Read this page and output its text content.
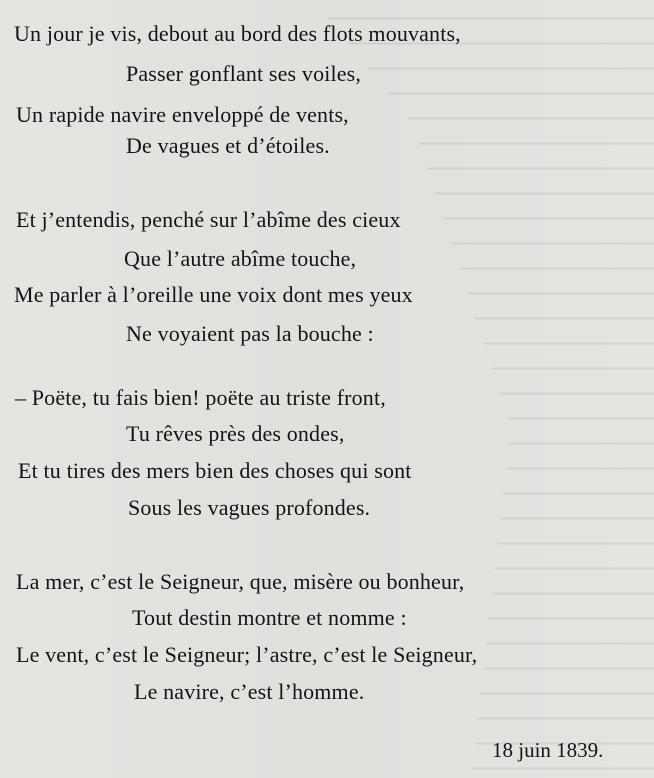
Un jour je vis, debout au bord des flots mouvants,

Passer gonflant ses voiles,

Un rapide navire enveloppé de vents,

De vagues et d’étoiles.

Et j’entendis, penché sur l’abîme des cieux

Que l’autre abîme touche,

Me parler à l’oreille une voix dont mes yeux

Ne voyaient pas la bouche :

– Poëte, tu fais bien! poëte au triste front,

Tu rêves près des ondes,

Et tu tires des mers bien des choses qui sont

Sous les vagues profondes.

La mer, c’est le Seigneur, que, misère ou bonheur,

Tout destin montre et nomme :

Le vent, c’est le Seigneur; l’astre, c’est le Seigneur,

Le navire, c’est l’homme.

18 juin 1839.
